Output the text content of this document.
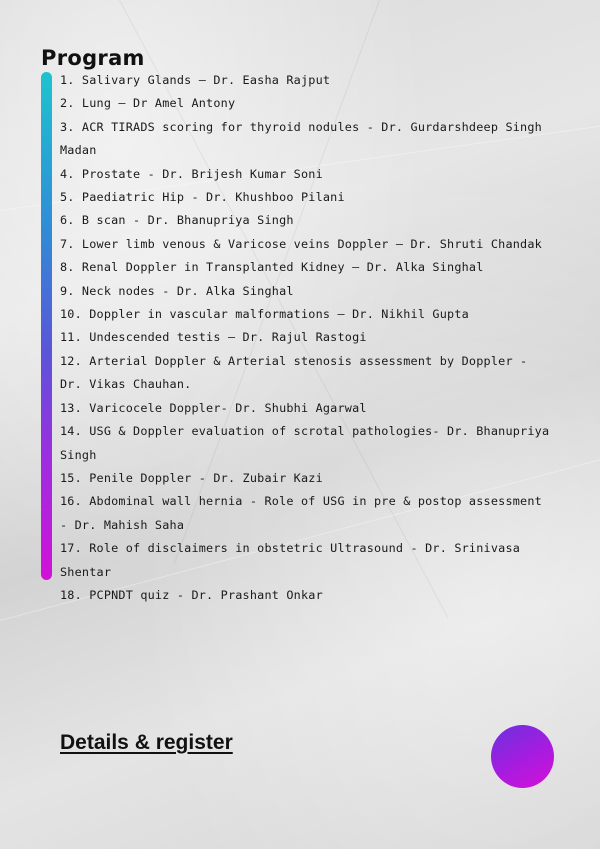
Program
1. Salivary Glands – Dr. Easha Rajput
2. Lung – Dr Amel Antony
3. ACR TIRADS scoring for thyroid nodules - Dr. Gurdarshdeep Singh Madan
4. Prostate - Dr. Brijesh Kumar Soni
5. Paediatric Hip - Dr. Khushboo Pilani
6. B scan - Dr. Bhanupriya Singh
7. Lower limb venous & Varicose veins Doppler – Dr. Shruti Chandak
8. Renal Doppler in Transplanted Kidney – Dr. Alka Singhal
9. Neck nodes - Dr. Alka Singhal
10. Doppler in vascular malformations – Dr. Nikhil Gupta
11. Undescended testis – Dr. Rajul Rastogi
12. Arterial Doppler & Arterial stenosis assessment by Doppler - Dr. Vikas Chauhan.
13. Varicocele Doppler- Dr. Shubhi Agarwal
14. USG & Doppler evaluation of scrotal pathologies- Dr. Bhanupriya Singh
15. Penile Doppler - Dr. Zubair Kazi
16. Abdominal wall hernia - Role of USG in pre & postop assessment - Dr. Mahish Saha
17. Role of disclaimers in obstetric Ultrasound - Dr. Srinivasa Shentar
18. PCPNDT quiz - Dr. Prashant Onkar
Details & register
